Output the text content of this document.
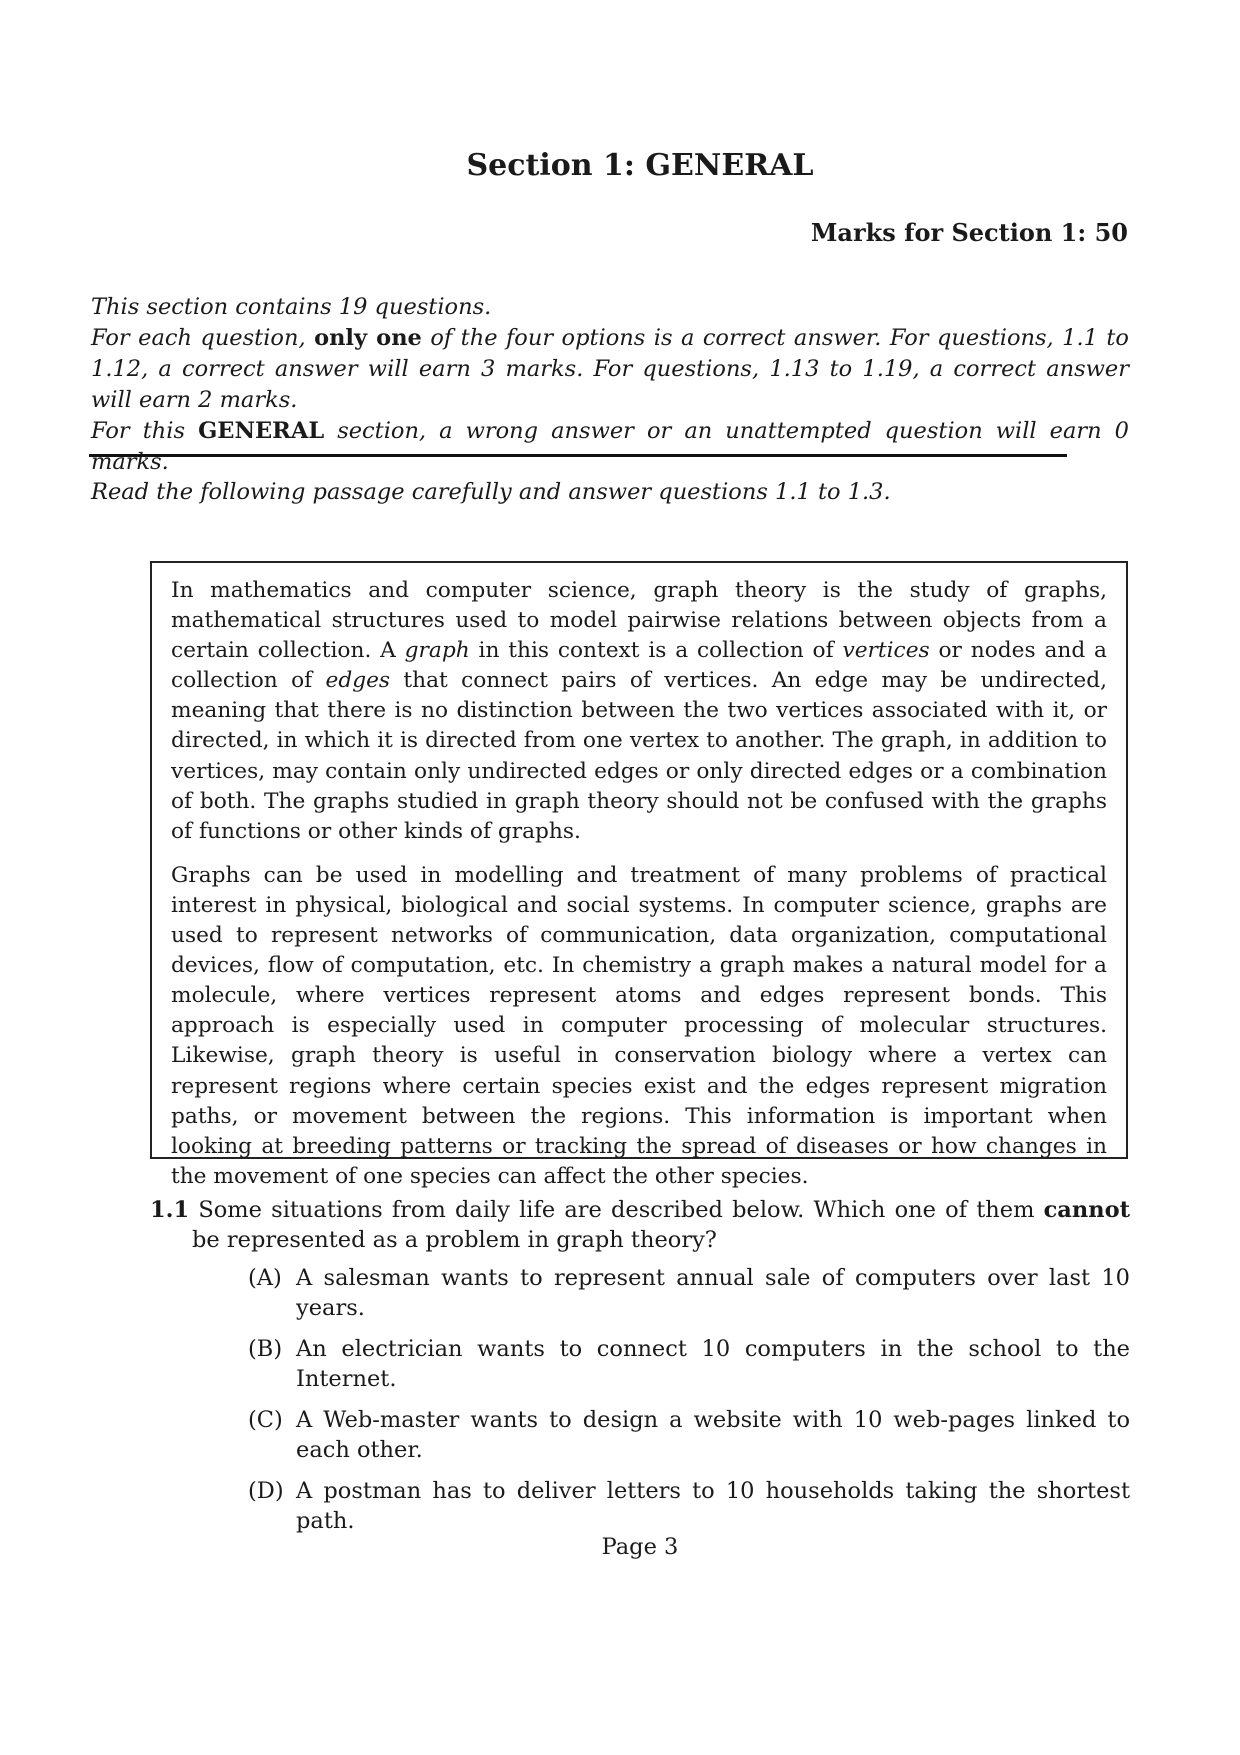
Section 1: GENERAL
Marks for Section 1: 50

This section contains 19 questions.

For each question, only one of the four options is a correct answer. For questions, 1.1 to 1.12, a correct answer will earn 3 marks. For questions, 1.13 to 1.19, a correct answer will earn 2 marks.

For this GENERAL section, a wrong answer or an unattempted question will earn 0 marks.

Read the following passage carefully and answer questions 1.1 to 1.3.

In mathematics and computer science, graph theory is the study of graphs, mathematical structures used to model pairwise relations between objects from a certain collection. A graph in this context is a collection of vertices or nodes and a collection of edges that connect pairs of vertices. An edge may be undirected, meaning that there is no distinction between the two vertices associated with it, or directed, in which it is directed from one vertex to another. The graph, in addition to vertices, may contain only undirected edges or only directed edges or a combination of both. The graphs studied in graph theory should not be confused with the graphs of functions or other kinds of graphs.

Graphs can be used in modelling and treatment of many problems of practical interest in physical, biological and social systems. In computer science, graphs are used to represent networks of communication, data organization, computational devices, flow of computation, etc. In chemistry a graph makes a natural model for a molecule, where vertices represent atoms and edges represent bonds. This approach is especially used in computer processing of molecular structures. Likewise, graph theory is useful in conservation biology where a vertex can represent regions where certain species exist and the edges represent migration paths, or movement between the regions. This information is important when looking at breeding patterns or tracking the spread of diseases or how changes in the movement of one species can affect the other species.

1.1 Some situations from daily life are described below. Which one of them cannot be represented as a problem in graph theory?
(A) A salesman wants to represent annual sale of computers over last 10 years.
(B) An electrician wants to connect 10 computers in the school to the Internet.
(C) A Web-master wants to design a website with 10 web-pages linked to each other.
(D) A postman has to deliver letters to 10 households taking the shortest path.
Page 3
